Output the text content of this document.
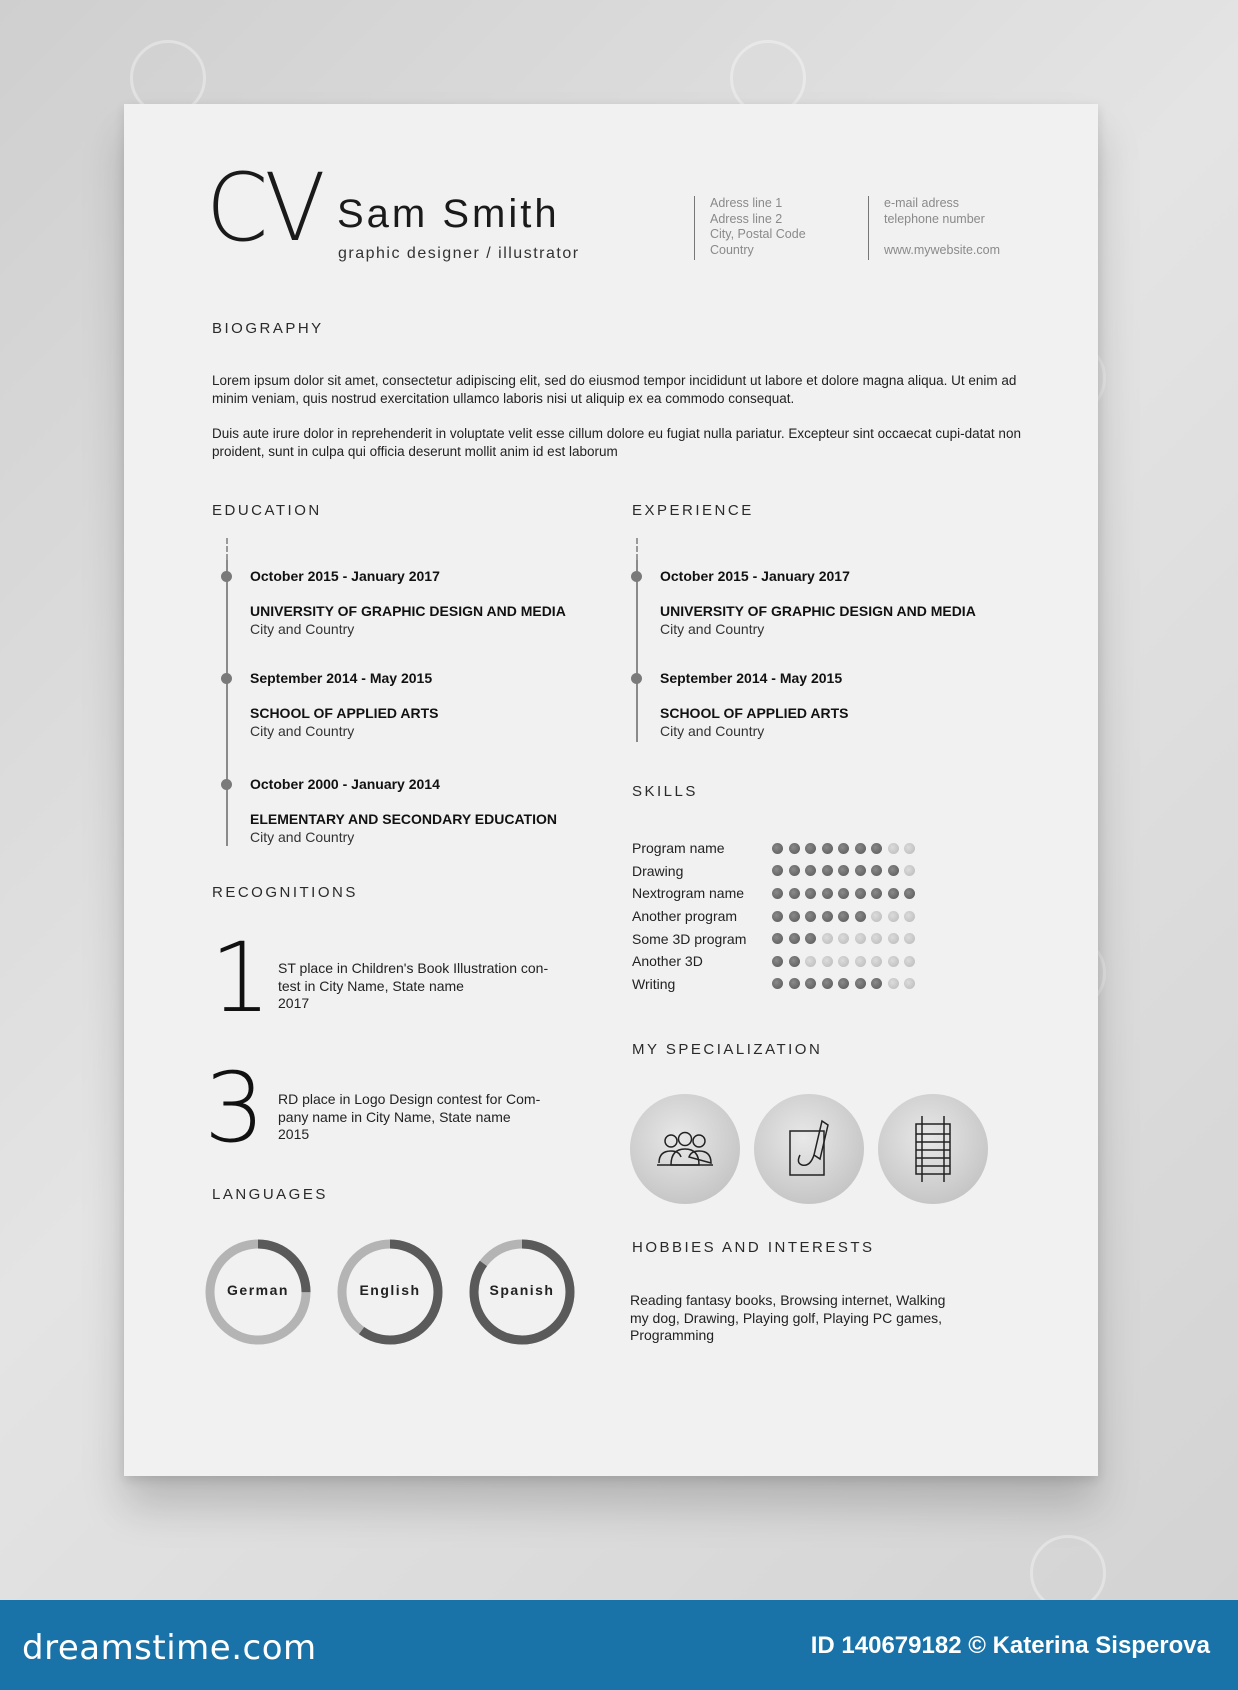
CV Sam Smith
graphic designer / illustrator
Adress line 1
Adress line 2
City, Postal Code
Country
e-mail adress
telephone number
www.mywebsite.com
BIOGRAPHY
Lorem ipsum dolor sit amet, consectetur adipiscing elit, sed do eiusmod tempor incididunt ut labore et dolore magna aliqua. Ut enim ad minim veniam, quis nostrud exercitation ullamco laboris nisi ut aliquip ex ea commodo consequat.
Duis aute irure dolor in reprehenderit in voluptate velit esse cillum dolore eu fugiat nulla pariatur. Excepteur sint occaecat cupi-datat non proident, sunt in culpa qui officia deserunt mollit anim id est laborum
EDUCATION
October 2015 - January 2017
UNIVERSITY OF GRAPHIC DESIGN AND MEDIA
City and Country
September 2014 - May 2015
SCHOOL OF APPLIED ARTS
City and Country
October 2000 - January 2014
ELEMENTARY AND SECONDARY EDUCATION
City and Country
EXPERIENCE
October 2015 - January 2017
UNIVERSITY OF GRAPHIC DESIGN AND MEDIA
City and Country
September 2014 - May 2015
SCHOOL OF APPLIED ARTS
City and Country
SKILLS
Program name
Drawing
Nextrogram name
Another program
Some 3D program
Another 3D
Writing
RECOGNITIONS
1 ST place in Children's Book Illustration con-test in City Name, State name
2017
3 RD place in Logo Design contest for Com-pany name in City Name, State name
2015
MY SPECIALIZATION
LANGUAGES
HOBBIES AND INTERESTS
Reading fantasy books, Browsing internet, Walking my dog, Drawing, Playing golf, Playing PC games, Programming
German	English	Spanish
dreamstime.com	ID 140679182 © Katerina Sisperova
